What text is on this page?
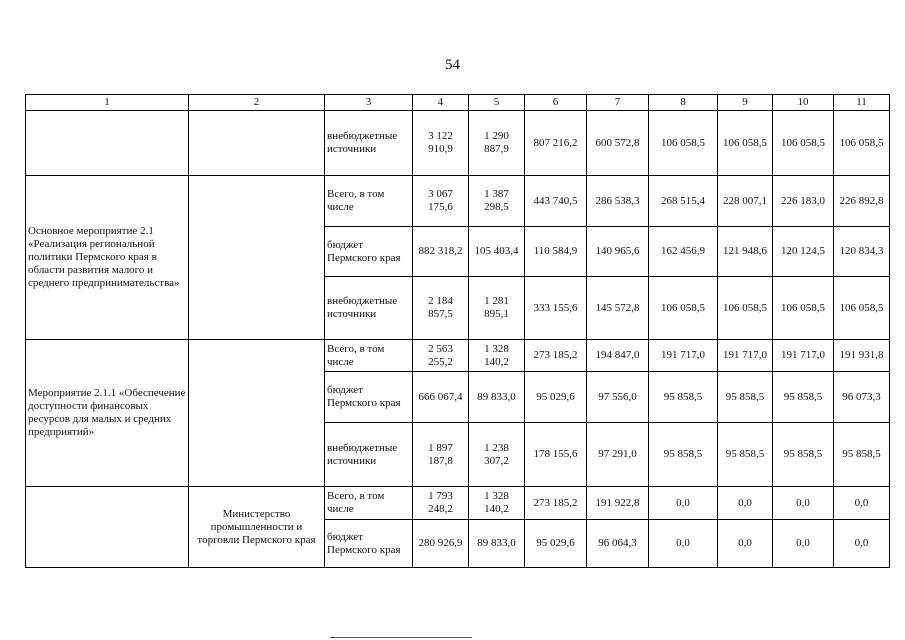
54
1	2	3	4	5	6	7	8	9	10	11
		внебюджетные источники	3 122 910,9	1 290 887,9	807 216,2	600 572,8	106 058,5	106 058,5	106 058,5	106 058,5
Основное мероприятие 2.1 «Реализация региональной политики Пермского края в области развития малого и среднего предпринимательства»		Всего, в том числе	3 067 175,6	1 387 298,5	443 740,5	286 538,3	268 515,4	228 007,1	226 183,0	226 892,8
		бюджет Пермского края	882 318,2	105 403,4	110 584,9	140 965,6	162 456,9	121 948,6	120 124,5	120 834,3
		внебюджетные источники	2 184 857,5	1 281 895,1	333 155,6	145 572,8	106 058,5	106 058,5	106 058,5	106 058,5
Мероприятие 2.1.1 «Обеспечение доступности финансовых ресурсов для малых и средних предприятий»		Всего, в том числе	2 563 255,2	1 328 140,2	273 185,2	194 847,0	191 717,0	191 717,0	191 717,0	191 931,8
		бюджет Пермского края	666 067,4	89 833,0	95 029,6	97 556,0	95 858,5	95 858,5	95 858,5	96 073,3
		внебюджетные источники	1 897 187,8	1 238 307,2	178 155,6	97 291,0	95 858,5	95 858,5	95 858,5	95 858,5
	Министерство промышленности и торговли Пермского края	Всего, в том числе	1 793 248,2	1 328 140,2	273 185,2	191 922,8	0,0	0,0	0,0	0,0
		бюджет Пермского края	280 926,9	89 833,0	95 029,6	96 064,3	0,0	0,0	0,0	0,0
